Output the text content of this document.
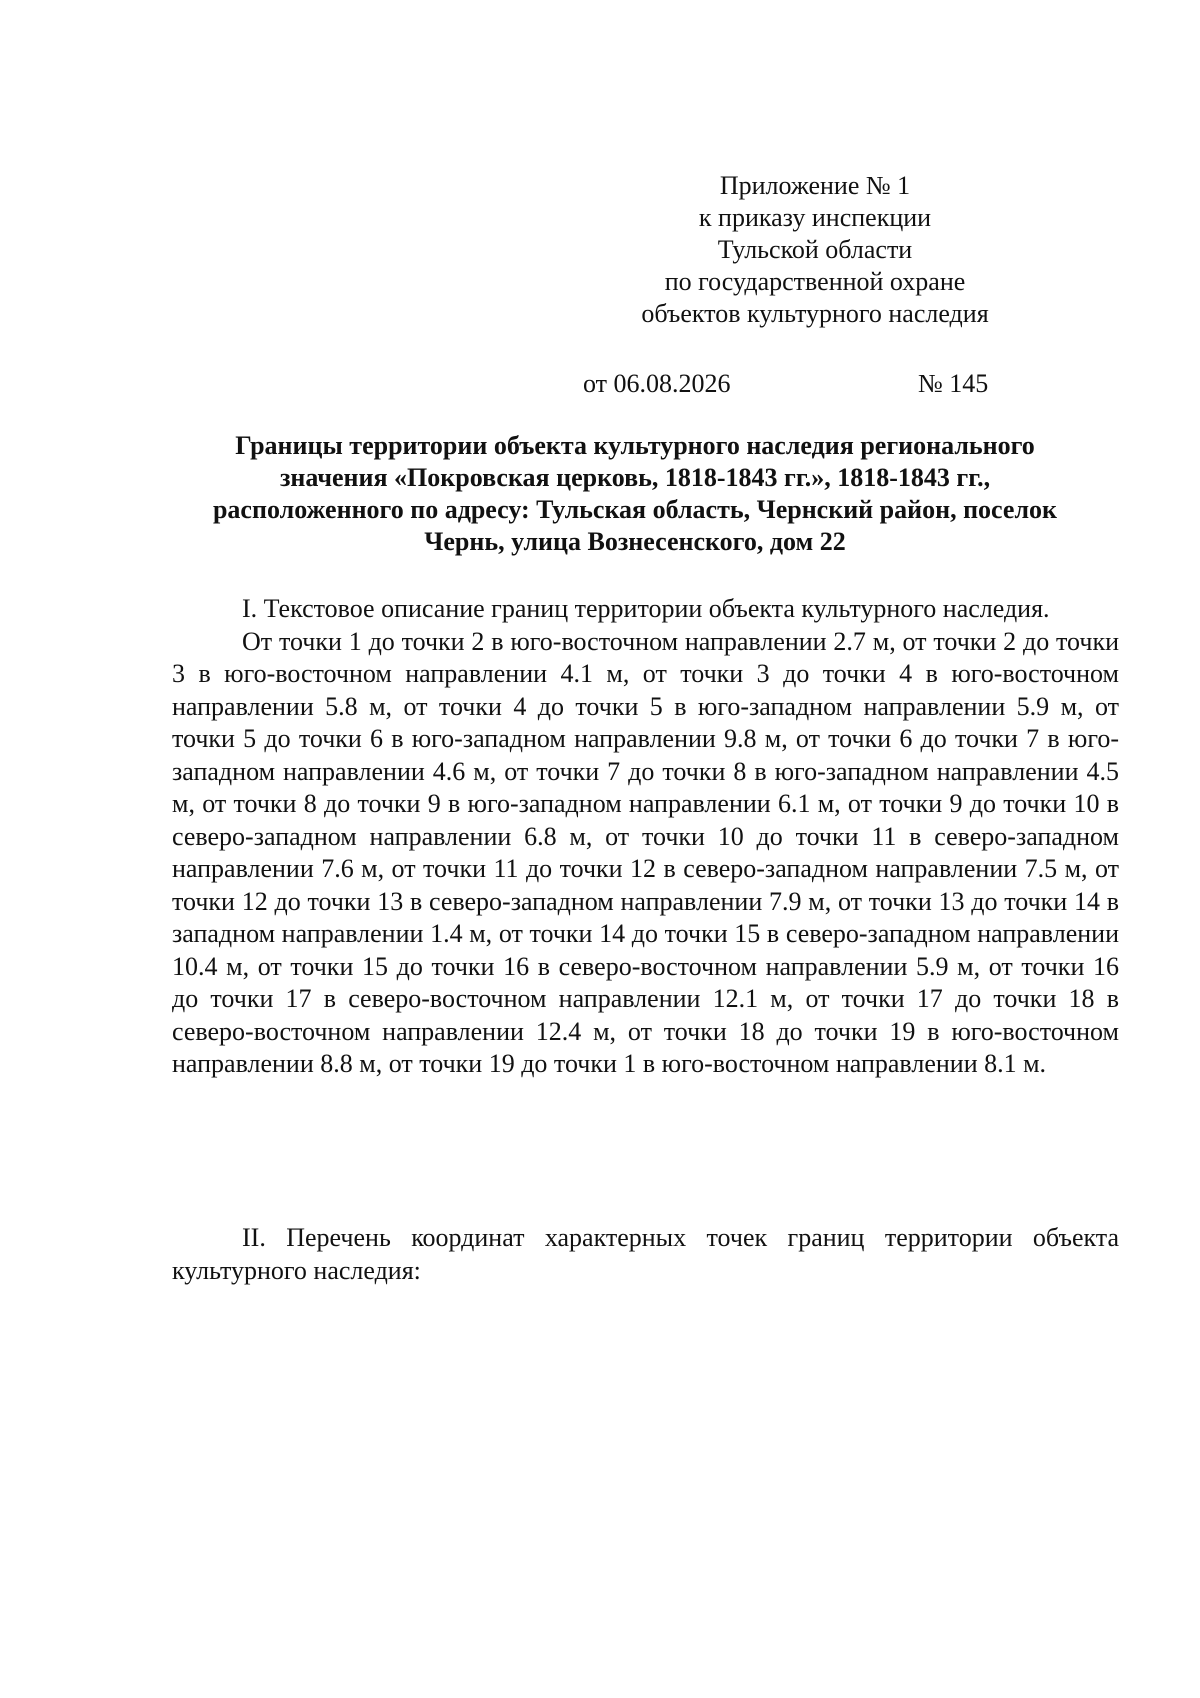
Приложение № 1
к приказу инспекции
Тульской области
по государственной охране
объектов культурного наследия
от 06.08.2026	№ 145
Границы территории объекта культурного наследия регионального
значения «Покровская церковь, 1818-1843 гг.», 1818-1843 гг.,
расположенного по адресу: Тульская область, Чернский район, поселок
Чернь, улица Вознесенского, дом 22

I. Текстовое описание границ территории объекта культурного наследия.

От точки 1 до точки 2 в юго-восточном направлении 2.7 м, от точки 2 до точки 3 в юго-восточном направлении 4.1 м, от точки 3 до точки 4 в юго-восточном направлении 5.8 м, от точки 4 до точки 5 в юго-западном направлении 5.9 м, от точки 5 до точки 6 в юго-западном направлении 9.8 м, от точки 6 до точки 7 в юго-западном направлении 4.6 м, от точки 7 до точки 8 в юго-западном направлении 4.5 м, от точки 8 до точки 9 в юго-западном направлении 6.1 м, от точки 9 до точки 10 в северо-западном направлении 6.8 м, от точки 10 до точки 11 в северо-западном направлении 7.6 м, от точки 11 до точки 12 в северо-западном направлении 7.5 м, от точки 12 до точки 13 в северо-западном направлении 7.9 м, от точки 13 до точки 14 в западном направлении 1.4 м, от точки 14 до точки 15 в северо-западном направлении 10.4 м, от точки 15 до точки 16 в северо-восточном направлении 5.9 м, от точки 16 до точки 17 в северо-восточном направлении 12.1 м, от точки 17 до точки 18 в северо-восточном направлении 12.4 м, от точки 18 до точки 19 в юго-восточном направлении 8.8 м, от точки 19 до точки 1 в юго-восточном направлении 8.1 м.

II. Перечень координат характерных точек границ территории объекта культурного наследия:
